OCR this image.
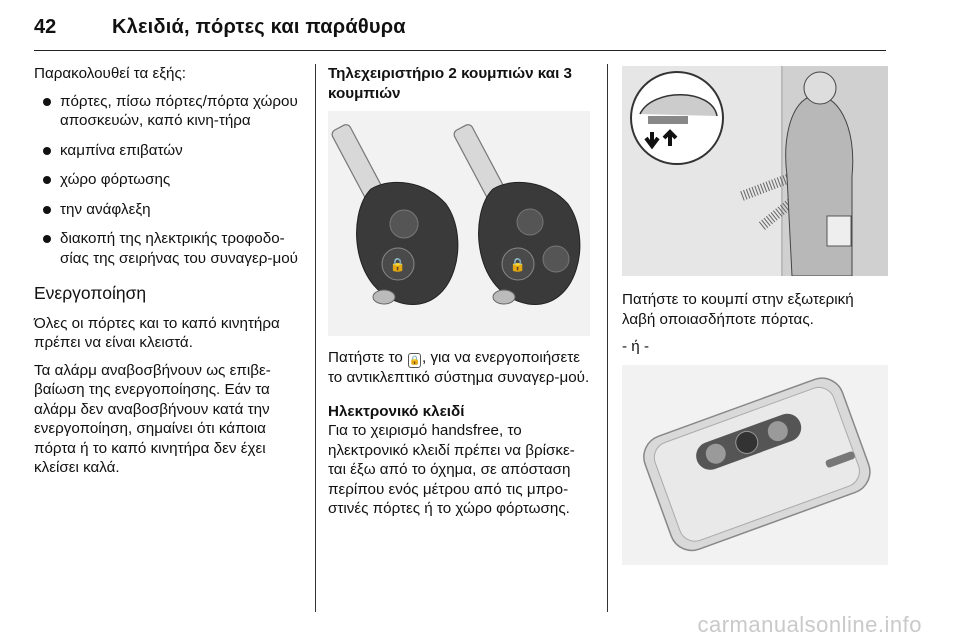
42	Κλειδιά, πόρτες και παράθυρα

Παρακολουθεί τα εξής:

πόρτες, πίσω πόρτες/πόρτα χώρου αποσκευών, καπό κινη-τήρα
καμπίνα επιβατών
χώρο φόρτωσης
την ανάφλεξη
διακοπή της ηλεκτρικής τροφοδο-σίας της σειρήνας του συναγερ-μού
Ενεργοποίηση

Όλες οι πόρτες και το καπό κινητήρα πρέπει να είναι κλειστά.

Τα αλάρμ αναβοσβήνουν ως επιβε-βαίωση της ενεργοποίησης. Εάν τα αλάρμ δεν αναβοσβήνουν κατά την ενεργοποίηση, σημαίνει ότι κάποια πόρτα ή το καπό κινητήρα δεν έχει κλείσει καλά.

Τηλεχειριστήριο 2 κουμπιών και 3 κουμπιών
🔒	🔒

Πατήστε το 🔒 , για να ενεργοποιήσετε το αντικλεπτικό σύστημα συναγερ-μού.

Ηλεκτρονικό κλειδί

Για το χειρισμό handsfree, το ηλεκτρονικό κλειδί πρέπει να βρίσκε-ται έξω από το όχημα, σε απόσταση περίπου ενός μέτρου από τις μπρο-στινές πόρτες ή το χώρο φόρτωσης.

Πατήστε το κουμπί στην εξωτερική λαβή οποιασδήποτε πόρτας.

- ή -

carmanualsonline.info
